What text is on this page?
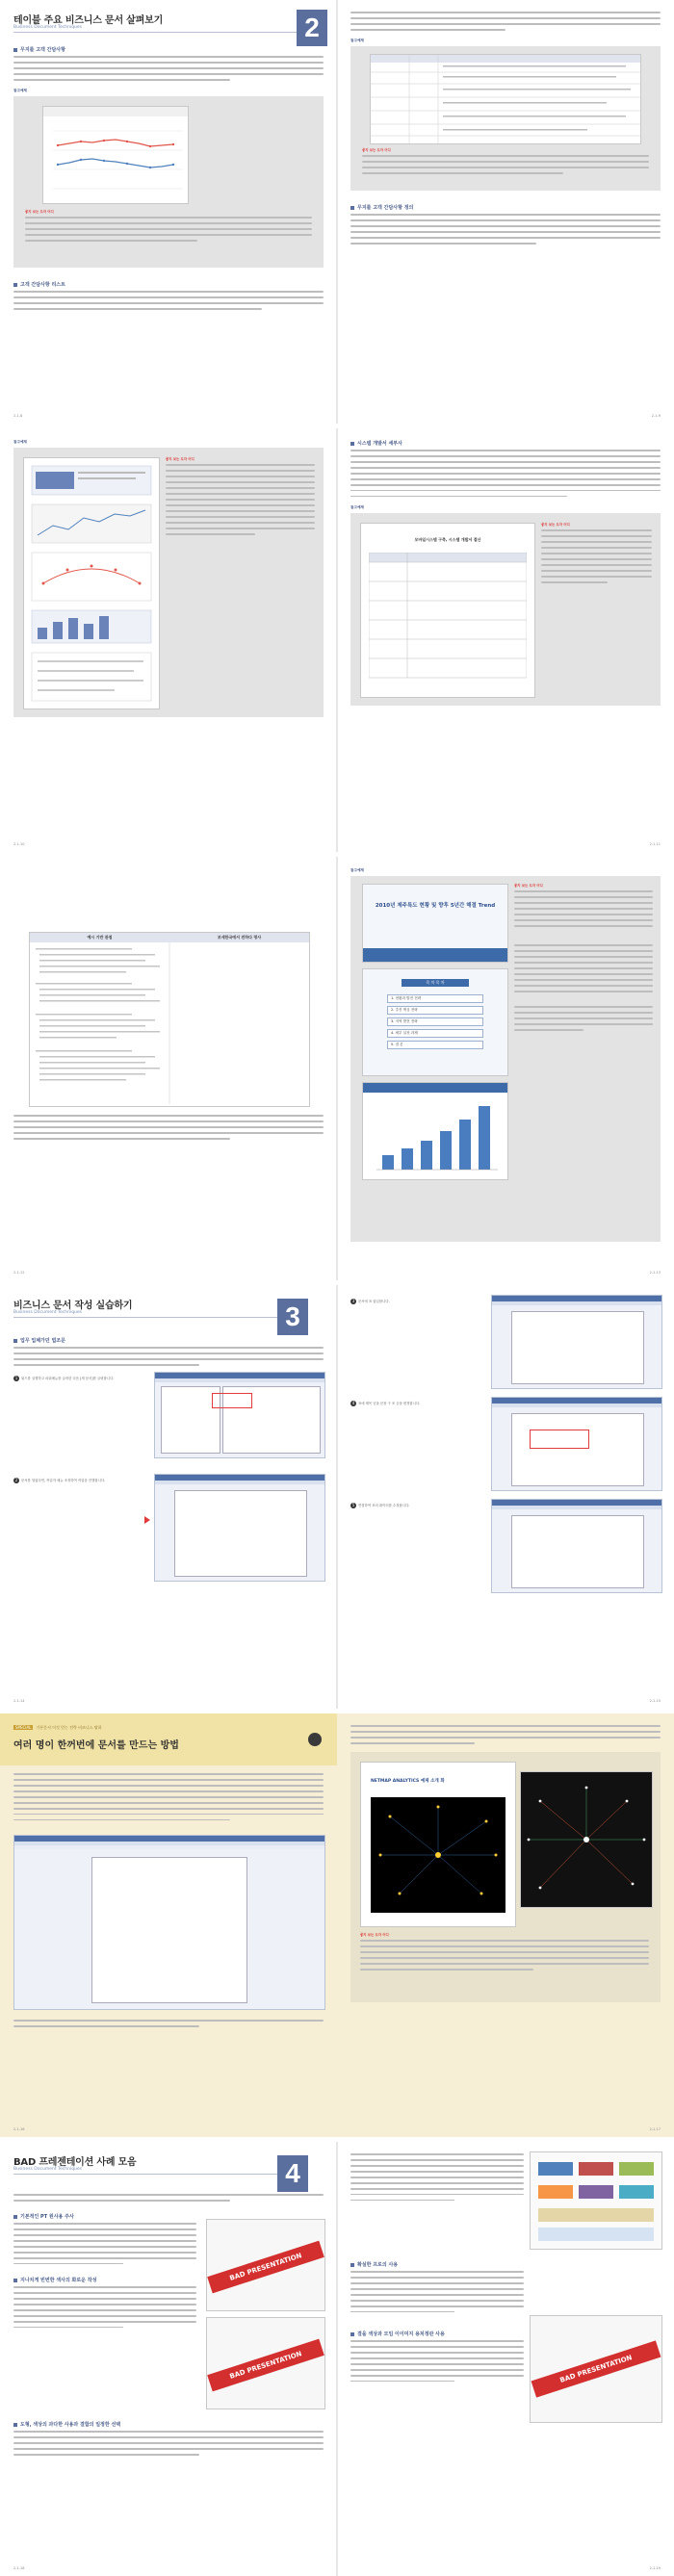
테이블 주요 비즈니스 문서 살펴보기
Business Document Techniques	2
무지를 고객 간담사항
참고예제
좋지 보는 도자 어디
고객 간담사항 리스트
2-1-8
참고예제
좋지 보는 도자 어디
무지를 고객 간담사항 정의
2-1-9
참고예제
좋지 보는 도자 어디
2-1-10
시스템 개발서 세부사
참고예제
모바일시스템 구축, 시스템 개발서 결산
좋지 보는 도자 어디
2-1-11
예시 기반 관점	보세한국에서 전하다 평사
2-1-12
참고예제
2010년 제주특도 현황 및 향후 5년간 해결 Trend
목 차 목 차
1. 현황과 발전 전략
2. 추진 핵심 전략
3. 지역 발전 전략
4. 세부 실천 과제
5. 결 론
좋지 보는 도자 어디
2-1-13
비즈니스 문서 작성 실습하기
Business Document Techniques	3
업무 업체가던 법조문
1 워드를 실행하고 파워메뉴를 클릭한 다음 [새 문서]를 클릭합니다.
2 문서를 열었다면, 작업자 메뉴 조정하여 작업을 진행합니다.
2-1-14
3 문서에 표 삽입합니다.
4 표에 제목 넣을 문장 구 조 등을 변경합니다.
5 연결하여 표의 데이터를 수정합니다.
2-1-15
SPECIAL 기본문서 이것 얻는 전략 비즈니스 탑하
여러 명이 한꺼번에 문서를 만드는 방법
2-1-16
NETMAP ANALYTICS 예제 소개 화
좋지 보는 도자 어디
2-1-17
BAD 프레젠테이션 사례 모음
Business Document Techniques	4
기본적인 PT 원사용 주사
BAD PRESENTATION
지나치게 빈번한 색사의 화로운 작성
BAD PRESENTATION
도형, 색상의 과다한 사용과 결합의 일정한 선택
2-1-18
확실한 프로의 사용
결을 색상과 모임 이이미지 용처정판 사용
BAD PRESENTATION
2-1-19
